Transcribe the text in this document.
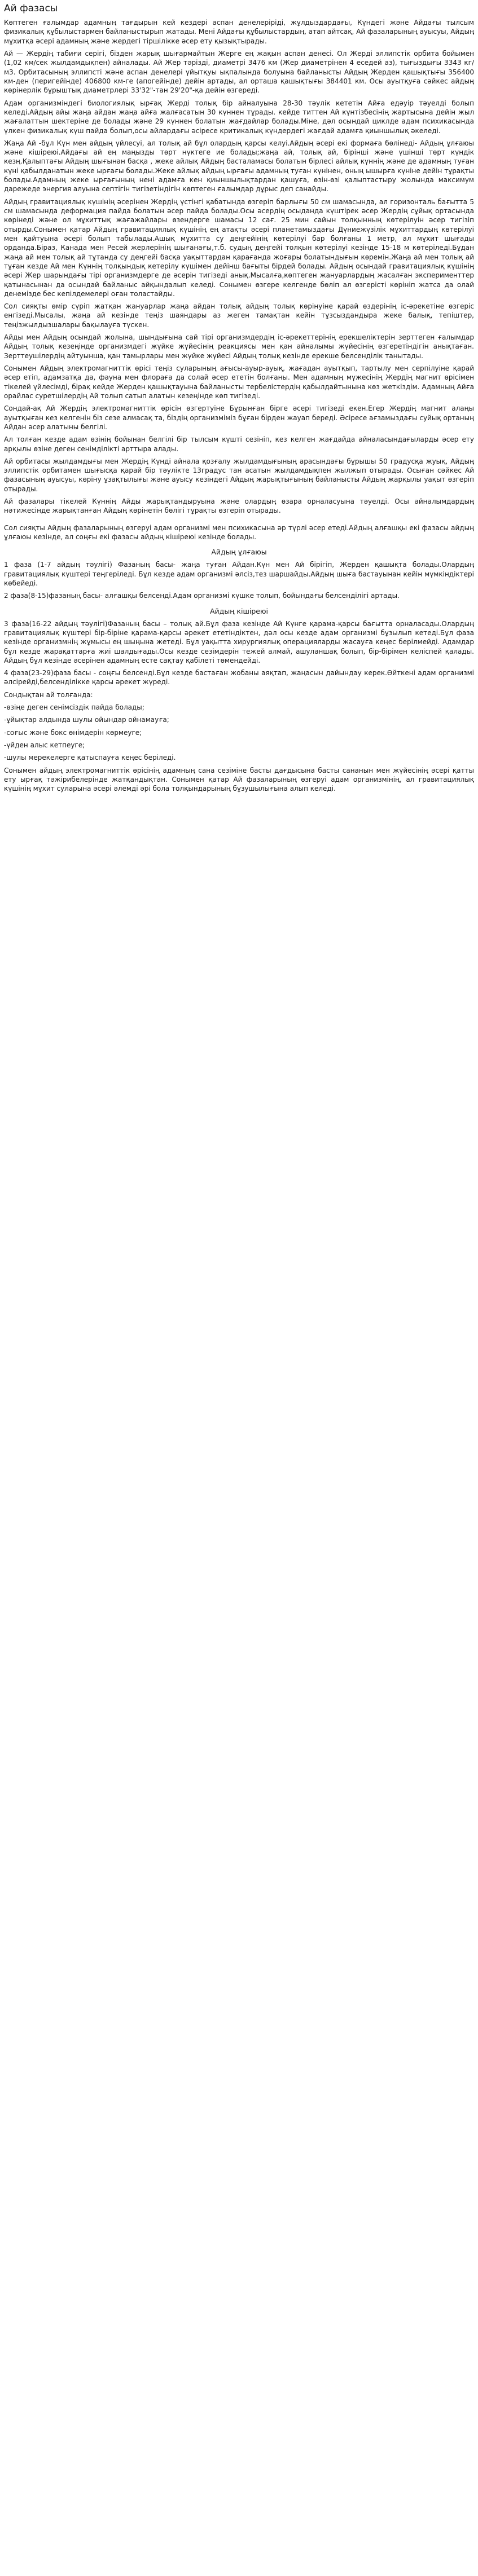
Ай фазасы

Көптеген ғалымдар адамның тағдырын кей кездері аспан денелеріріді, жұлдыздардағы, Күндегі және Айдағы тылсым физикалық құбылыстармен байланыстырып жатады. Мені Айдағы құбылыстардың, атап айтсақ, Ай фазаларының ауысуы, Айдың мұхитқа әсері адамның және жердегі тіршілікке әсер ету қызықтырады.

Ай — Жердің табиғи серігі, бізден жарық шығармайтын Жерге ең жақын аспан денесі. Ол Жерді эллипстік орбита бойымен (1,02 км/сек жылдамдықпен) айналады. Ай Жер тәрізді, диаметрі 3476 км (Жер диаметрінен 4 еседей аз), тығыздығы 3343 кг/м3. Орбитасының эллипсті және аспан денелері үйытқуы ықпалында болуына байланысты Айдың Жерден қашықтығы 356400 км-ден (перигейінде) 406800 км-ге (апогейінде) дейін артады, ал орташа қашықтығы 384401 км. Осы ауытқуға сәйкес айдың көрінерлік бұрыштық диаметрлері 33'32"-тан 29'20"-қа дейін өзгереді.

Адам организміндегі биологиялық ырғақ Жерді толық бір айналуына 28-30 тәулік кететін Айға едәуір тәуелді болып келеді.Айдың айы жаңа айдан жаңа айға жалғасатын 30 күннен тұрады. кейде титтен Ай күнтізбесінің жартысына дейін жыл жағалаттын шектеріне де болады және 29 күннен болатын жағдайлар болады.Міне, дәл осындай циклде адам психикасында үлкен физикалық күш пайда болып,осы айлардағы әсіресе критикалық күндердегі жағдай адамға қиыншылық әкеледі.

Жаңа Ай -бұл Күн мен айдың үйлесуі, ал толық ай бұл олардың қарсы келуі.Айдың әсері екі формаға бөлінеді- Айдың ұлғаюы және кішіреюі.Айдағы ай ең маңызды төрт нүктеге ие болады;жаңа ай, толық ай, бірінші және үшінші төрт күндік кезң.Қалыптағы Айдың шығынан басқа , жеке айлық Айдың басталамасы болатын бірлесі айлық күннің және де адамның туған күні қабылданатын жеке ырғағы болады.Жеке айлық айдың ырғағы адамның туған күнінен, оның ышырға күніне дейін тұрақты болады.Адамның жеке ырғағының нені адамға кен қиыншылықтардан қашуға, өзін-өзі қалыптастыру жолында максимум дарежеде энергия алуына септігін тигізетіндігін көптеген ғалымдар дұрыс деп санайды.

Айдың гравитациялық күшінің әсерінен Жердің үстінгі қабатында өзгеріп барлығы 50 см шамасында, ал горизонталь бағытта 5 см шамасында деформация пайда болатын әсер пайда болады.Осы әсердің осыданда күштірек әсер Жердің сұйық ортасында көрінеді және ол мұхиттық жағажайлары өзендерге шамасы 12 сағ. 25 мин сайын толқынның көтерілуін әсер тигізіп отырды.Сонымен қатар Айдың гравитациялық күшінің ең атақты әсері планетамыздағы Дүниежүзілік мұхиттардың көтерілуі мен қайтуына әсері болып табылады.Ашық мұхитта су деңгейінің көтерілуі бар болғаны 1 метр, ал мұхит шығады орданда.Біраз, Канада мен Ресей жерлерінің шығанағы,т.б. судың деңгейі толқын көтерілуі кезінде 15-18 м көтеріледі.Бұдан жаңа ай мен толық ай тұтанда су деңгейі басқа уақыттардан қарағанда жоғары болатындығын көремін.Жаңа ай мен толық ай тұған кезде Ай мен Күннің толқындық кетерілу күшімен дейінш бағыты бірдей болады. Айдың осындай гравитациялық күшінің әсері Жер шарындағы тірі организмдерге де әсерін тигізеді анық.Мысалға,көптеген жануарлардың жасалған эксперименттер қатынасынан да осындай байланыс айқындалып келеді. Сонымен өзгере келгенде бөліп ал өзгерісті көрініп жатса да олай денемізде бес кепілдемелері оған толастайды.

Сол сияқты өмір сүріп жатқан жануарлар жаңа айдан толық айдың толық көрінуіне қарай өздерінің іс-әрекетіне өзгеріс енгізеді.Мысалы, жаңа ай кезінде теңіз шаяндары аз жеген тамақтан кейін тұзсыздандыра жеке балық, тепіштер, теңізжылдызшалары бақылауға түскен.

Айды мен Айдың осындай жолына, шындығына сай тірі организмдердің іс-әрекеттерінің ерекшеліктерін зерттеген ғалымдар Айдың толық кезеңінде организмдегі жүйке жүйесінің реакциясы мен қан айналымы жүйесінің өзгеретіндігін анықтаған. Зерттеушілердің айтуынша, қан тамырлары мен жүйке жүйесі Айдың толық кезінде ерекше белсенділік танытады.

Сонымен Айдың электромагниттік өрісі теңіз суларының ағысы-ауыр-ауық, жағадан ауытқып, тартылу мен серпілуіне қарай әсер етіп, адамзатқа да, фауна мен флораға да солай әсер ететін болғаны. Мен адамның мүжесінің Жердің магнит өрісімен тікелей үйлесімді, бірақ кейде Жерден қашықтауына байланысты тербелістердің қабылдайтынына көз жеткіздім. Адамның Айға орайлас суретшілердің Ай толып сатып алатын кезеңінде көп тигізеді.

Сондай-ақ Ай Жердің электромагниттік өрісін өзгертуіне Бұрынған бірге әсері тигізеді екен.Егер Жердің магнит алаңы ауытқыған кез келгенін біз сезе алмасақ та, біздің организміміз бұған бірден жауап береді. Әсіресе ағзамыздағы суйық ортаның Айдан әсер алатыны белгілі.

Ал толған кезде адам өзінің бойынан белгілі бір тылсым күшті сезініп, кез келген жағдайда айналасындағыларды әсер ету арқылы өзіне деген сенімділікті арттыра алады.

Ай орбитасы жылдамдығы мен Жердің Күнді айнала қозғалу жылдамдығының арасындағы бұрышы 50 градусқа жуық, Айдың эллипстік орбитамен шығысқа қарай бір тәулікте 13градус тан асатын жылдамдықпен жылжып отырады. Осыған сәйкес Ай фазасының ауысуы, көріну ұзақтылығы және ауысу кезіндегі Айдың жарықтығының байланысты Айдың жарқылы уақыт өзгеріп отырады.

Ай фазалары тікелей Күннің Айды жарықтандыруына және олардың өзара орналасуына тәуелді. Осы айналымдардың нәтижесінде жарықтанған Айдың көрінетін бөлігі тұрақты өзгеріп отырады.

Сол сияқты Айдың фазаларының өзгеруі адам организмі мен психикасына әр түрлі әсер етеді.Айдың алғашқы екі фазасы айдың ұлғаюы кезінде, ал соңғы екі фазасы айдың кішіреюі кезінде болады.

Айдың ұлғаюы

1 фаза (1-7 айдың тәулігі) Фазаның басы- жаңа туған Айдан.Күн мен Ай бірігіп, Жерден қашықта болады.Олардың гравитациялық күштері теңгеріледі. Бұл кезде адам организмі әлсіз,тез шаршайды.Айдың шыға бастауынан кейін мүмкіндіктері көбейеді.

2 фаза(8-15)фазаның басы- алғашқы белсенді.Адам организмі күшке толып, бойындағы белсенділігі артады.

Айдың кішіреюі

3 фаза(16-22 айдың тәулігі)Фазаның басы – толық ай.Бұл фаза кезінде Ай Күнге қарама-қарсы бағытта орналасады.Олардың гравитациялық күштері бір-біріне қарама-қарсы әрекет ететіндіктен, дәл осы кезде адам организмі бұзылып кетеді.Бұл фаза кезінде организмнің жұмысы ең шыңына жетеді. Бұл уақытта хирургиялық операцияларды жасауға кеңес берілмейді. Адамдар бұл кезде жарақаттарға жиі шалдығады.Осы кезде сезімдерін тежей алмай, ашуланшақ болып, бір-бірімен келіспей қалады. Айдың бұл кезінде әсерінен адамның есте сақтау қабілеті төмендейді.

4 фаза(23-29)фаза басы - соңғы белсенді.Бұл кезде бастаған жобаны аяқтап, жаңасын дайындау керек.Өйткені адам организмі әлсірейді,белсенділікке қарсы әрекет жүреді.

Сондықтан ай толғанда:

-өзіңе деген сенімсіздік пайда болады;

-ұйықтар алдында шулы ойындар ойнамауға;

-соғыс және бокс өнімдерін көрмеуге;

-үйден алыс кетпеуге;

-шулы мерекелерге қатыспауға кеңес беріледі.

Сонымен айдың электромагниттік өрісінің адамның сана сезіміне басты дағдысына басты сананын мен жүйесінің әсері қатты ету ырғақ тәжірибелерінде жатқандықтан. Сонымен қатар Ай фазаларының өзгеруі адам организмінің, ал гравитациялық күшінің мұхит суларына әсері әлемді әрі бола толқындарының бұзушылығына алып келеді.
